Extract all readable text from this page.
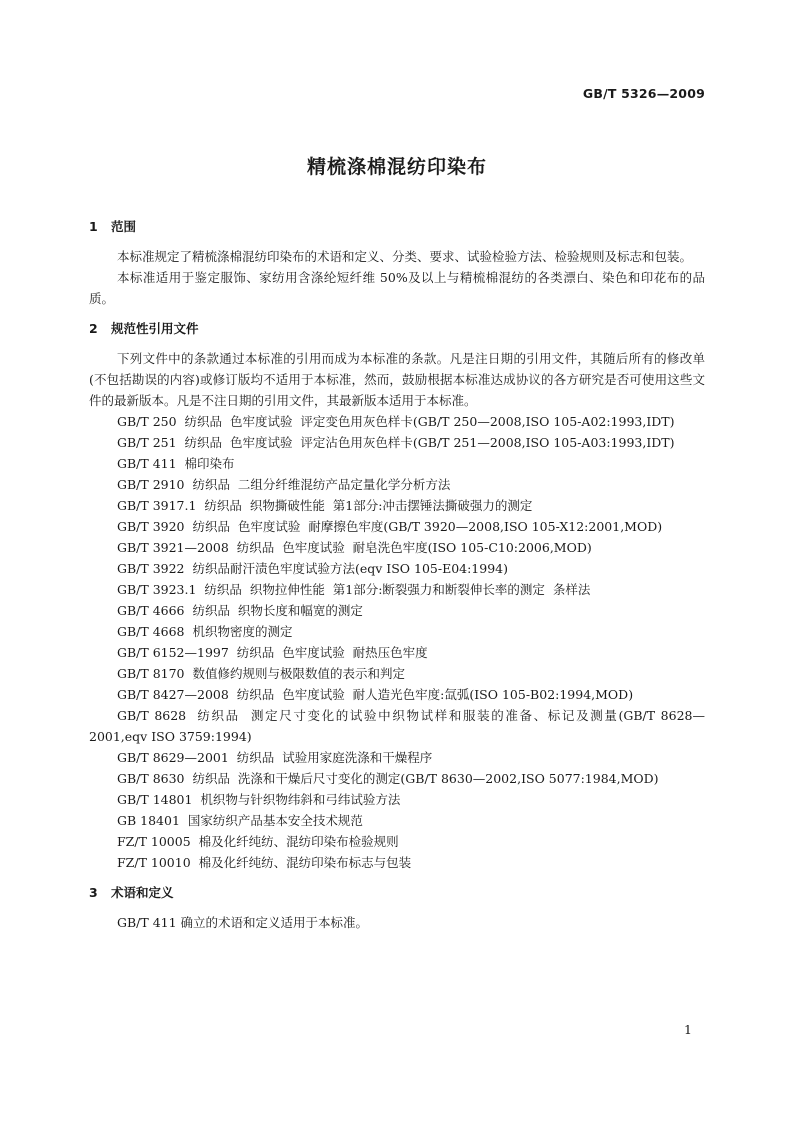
GB/T 5326—2009
精梳涤棉混纺印染布

1 范围

本标准规定了精梳涤棉混纺印染布的术语和定义、分类、要求、试验检验方法、检验规则及标志和包装。

本标准适用于鉴定服饰、家纺用含涤纶短纤维 50%及以上与精梳棉混纺的各类漂白、染色和印花布的品质。

2 规范性引用文件

下列文件中的条款通过本标准的引用而成为本标准的条款。凡是注日期的引用文件，其随后所有的修改单(不包括勘误的内容)或修订版均不适用于本标准，然而，鼓励根据本标准达成协议的各方研究是否可使用这些文件的最新版本。凡是不注日期的引用文件，其最新版本适用于本标准。

GB/T 250  纺织品  色牢度试验  评定变色用灰色样卡(GB/T 250—2008,ISO 105-A02:1993,IDT)

GB/T 251  纺织品  色牢度试验  评定沾色用灰色样卡(GB/T 251—2008,ISO 105-A03:1993,IDT)

GB/T 411  棉印染布

GB/T 2910  纺织品  二组分纤维混纺产品定量化学分析方法

GB/T 3917.1  纺织品  织物撕破性能  第1部分:冲击摆锤法撕破强力的测定

GB/T 3920  纺织品  色牢度试验  耐摩擦色牢度(GB/T 3920—2008,ISO 105-X12:2001,MOD)

GB/T 3921—2008  纺织品  色牢度试验  耐皂洗色牢度(ISO 105-C10:2006,MOD)

GB/T 3922  纺织品耐汗渍色牢度试验方法(eqv ISO 105-E04:1994)

GB/T 3923.1  纺织品  织物拉伸性能  第1部分:断裂强力和断裂伸长率的测定  条样法

GB/T 4666  纺织品  织物长度和幅宽的测定

GB/T 4668  机织物密度的测定

GB/T 6152—1997  纺织品  色牢度试验  耐热压色牢度

GB/T 8170  数值修约规则与极限数值的表示和判定

GB/T 8427—2008  纺织品  色牢度试验  耐人造光色牢度:氙弧(ISO 105-B02:1994,MOD)

GB/T 8628  纺织品  测定尺寸变化的试验中织物试样和服装的准备、标记及测量(GB/T 8628—2001,eqv ISO 3759:1994)

GB/T 8629—2001  纺织品  试验用家庭洗涤和干燥程序

GB/T 8630  纺织品  洗涤和干燥后尺寸变化的测定(GB/T 8630—2002,ISO 5077:1984,MOD)

GB/T 14801  机织物与针织物纬斜和弓纬试验方法

GB 18401  国家纺织产品基本安全技术规范

FZ/T 10005  棉及化纤纯纺、混纺印染布检验规则

FZ/T 10010  棉及化纤纯纺、混纺印染布标志与包装

3 术语和定义

GB/T 411 确立的术语和定义适用于本标准。

1
